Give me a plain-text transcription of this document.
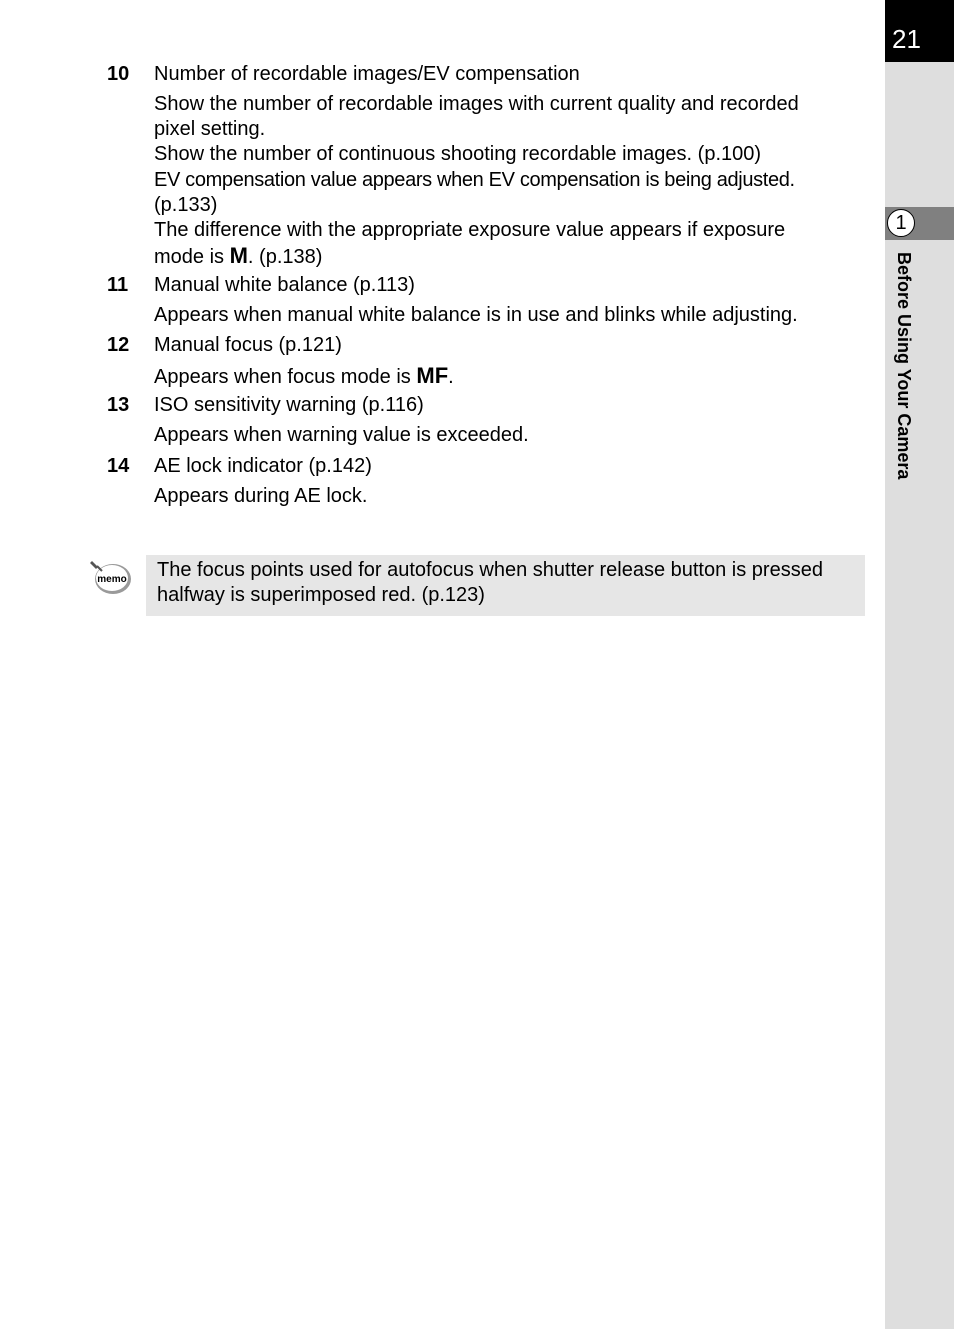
21
1
Before Using Your Camera
10 Number of recordable images/EV compensation
Show the number of recordable images with current quality and recorded
pixel setting.
Show the number of continuous shooting recordable images. (p.100)
EV compensation value appears when EV compensation is being adjusted.
(p.133)
The difference with the appropriate exposure value appears if exposure
mode is M. (p.138)
11 Manual white balance (p.113)
Appears when manual white balance is in use and blinks while adjusting.
12 Manual focus (p.121)
Appears when focus mode is MF.
13 ISO sensitivity warning (p.116)
Appears when warning value is exceeded.
14 AE lock indicator (p.142)
Appears during AE lock.
memo The focus points used for autofocus when shutter release button is pressed
halfway is superimposed red. (p.123)
